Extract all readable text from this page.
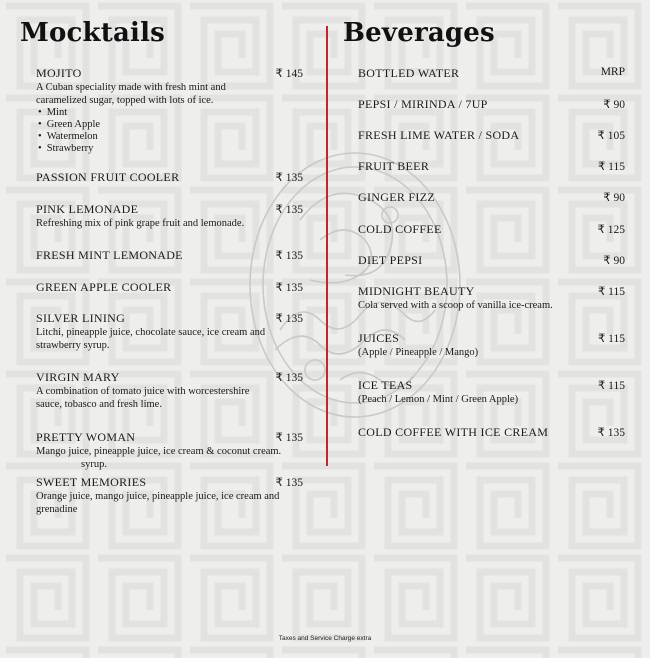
Mocktails	Beverages
MOJITO	₹ 145
A Cuban speciality made with fresh mint and caramelized sugar, topped with lots of ice.
• Mint
• Green Apple
• Watermelon
• Strawberry
PASSION FRUIT COOLER	₹ 135
PINK LEMONADE	₹ 135
Refreshing mix of pink grape fruit and lemonade.
FRESH MINT LEMONADE	₹ 135
GREEN APPLE COOLER	₹ 135
SILVER LINING	₹ 135
Litchi, pineapple juice, chocolate sauce, ice cream and strawberry syrup.
VIRGIN MARY	₹ 135
A combination of tomato juice with worcestershire sauce, tobasco and fresh lime.
PRETTY WOMAN	₹ 135
Mango juice, pineapple juice, ice cream & coconut cream.
syrup.
SWEET MEMORIES	₹ 135
Orange juice, mango juice, pineapple juice, ice cream and grenadine
BOTTLED WATER	MRP
PEPSI / MIRINDA / 7UP	₹ 90
FRESH LIME WATER / SODA	₹ 105
FRUIT BEER	₹ 115
GINGER FIZZ	₹ 90
COLD COFFEE	₹ 125
DIET PEPSI	₹ 90
MIDNIGHT BEAUTY	₹ 115
Cola served with a scoop of vanilla ice-cream.
JUICES	₹ 115
(Apple / Pineapple / Mango)
ICE TEAS	₹ 115
(Peach / Lemon / Mint / Green Apple)
COLD COFFEE WITH ICE CREAM	₹ 135
Taxes and Service Charge extra
